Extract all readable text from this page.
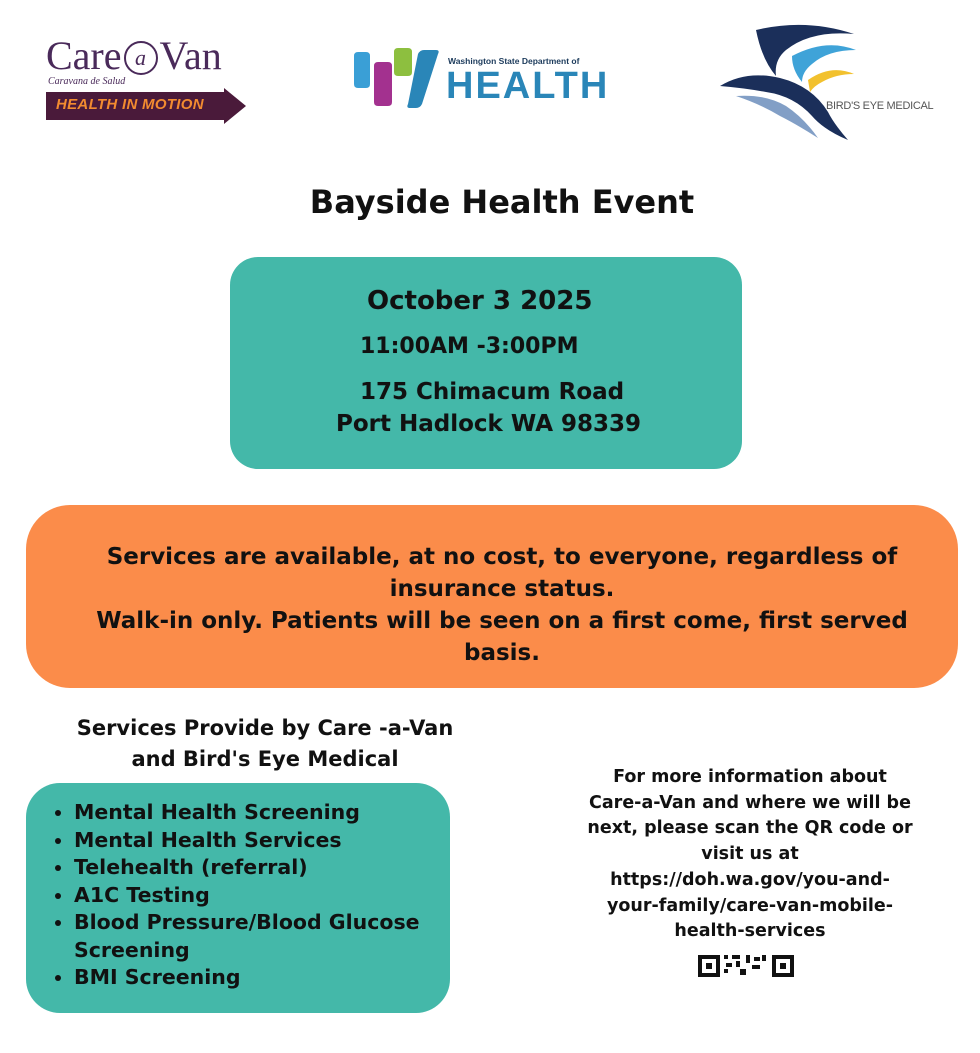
Care a Van
Caravana de Salud
HEALTH IN MOTION
Washington State Department of
HEALTH	BIRD'S EYE MEDICAL
Bayside Health Event
October 3 2025
11:00AM -3:00PM
175 Chimacum Road
Port Hadlock WA 98339
Services are available, at no cost, to everyone, regardless of insurance status.
Walk-in only. Patients will be seen on a first come, first served basis.
Services Provide by Care -a-Van
and Bird's Eye Medical
• Mental Health Screening
• Mental Health Services
• Telehealth (referral)
• A1C Testing
• Blood Pressure/Blood Glucose Screening
• BMI Screening
For more information about
Care-a-Van and where we will be
next, please scan the QR code or
visit us at
https://doh.wa.gov/you-and-
your-family/care-van-mobile-
health-services
